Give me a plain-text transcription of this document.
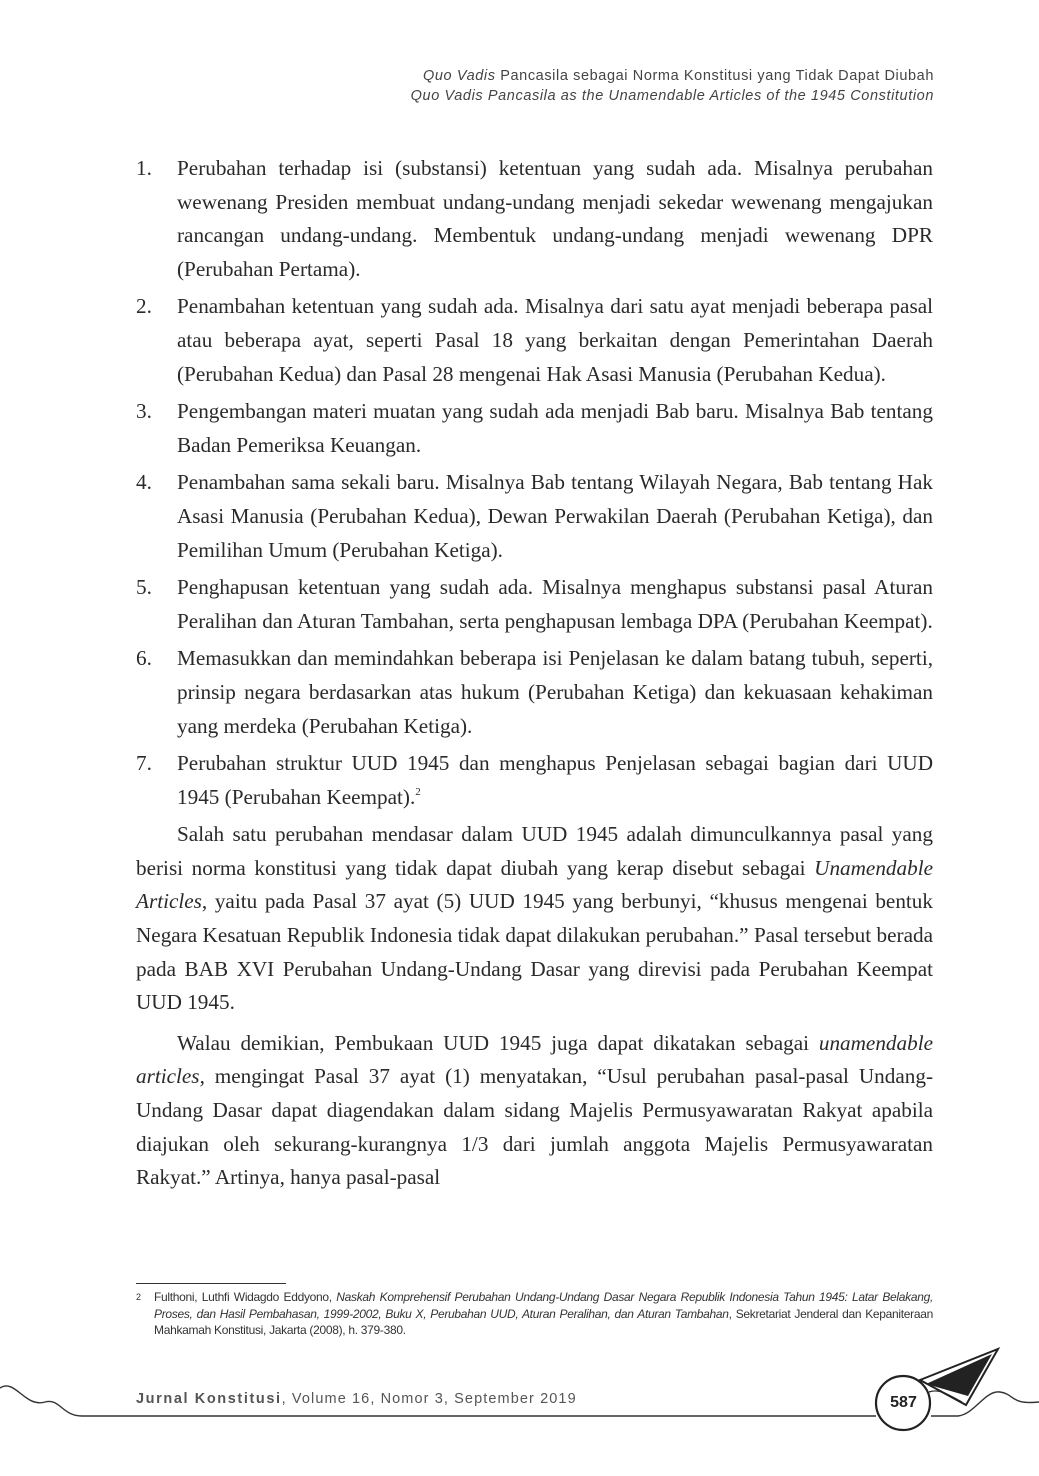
Quo Vadis Pancasila sebagai Norma Konstitusi yang Tidak Dapat Diubah
Quo Vadis Pancasila as the Unamendable Articles of the 1945 Constitution
1. Perubahan terhadap isi (substansi) ketentuan yang sudah ada. Misalnya perubahan wewenang Presiden membuat undang-undang menjadi sekedar wewenang mengajukan rancangan undang-undang. Membentuk undang-undang menjadi wewenang DPR (Perubahan Pertama).
2. Penambahan ketentuan yang sudah ada. Misalnya dari satu ayat menjadi beberapa pasal atau beberapa ayat, seperti Pasal 18 yang berkaitan dengan Pemerintahan Daerah (Perubahan Kedua) dan Pasal 28 mengenai Hak Asasi Manusia (Perubahan Kedua).
3. Pengembangan materi muatan yang sudah ada menjadi Bab baru. Misalnya Bab tentang Badan Pemeriksa Keuangan.
4. Penambahan sama sekali baru. Misalnya Bab tentang Wilayah Negara, Bab tentang Hak Asasi Manusia (Perubahan Kedua), Dewan Perwakilan Daerah (Perubahan Ketiga), dan Pemilihan Umum (Perubahan Ketiga).
5. Penghapusan ketentuan yang sudah ada. Misalnya menghapus substansi pasal Aturan Peralihan dan Aturan Tambahan, serta penghapusan lembaga DPA (Perubahan Keempat).
6. Memasukkan dan memindahkan beberapa isi Penjelasan ke dalam batang tubuh, seperti, prinsip negara berdasarkan atas hukum (Perubahan Ketiga) dan kekuasaan kehakiman yang merdeka (Perubahan Ketiga).
7. Perubahan struktur UUD 1945 dan menghapus Penjelasan sebagai bagian dari UUD 1945 (Perubahan Keempat).$^2$

Salah satu perubahan mendasar dalam UUD 1945 adalah dimunculkannya pasal yang berisi norma konstitusi yang tidak dapat diubah yang kerap disebut sebagai Unamendable Articles, yaitu pada Pasal 37 ayat (5) UUD 1945 yang berbunyi, “khusus mengenai bentuk Negara Kesatuan Republik Indonesia tidak dapat dilakukan perubahan.” Pasal tersebut berada pada BAB XVI Perubahan Undang-Undang Dasar yang direvisi pada Perubahan Keempat UUD 1945.

Walau demikian, Pembukaan UUD 1945 juga dapat dikatakan sebagai unamendable articles, mengingat Pasal 37 ayat (1) menyatakan, “Usul perubahan pasal-pasal Undang-Undang Dasar dapat diagendakan dalam sidang Majelis Permusyawaratan Rakyat apabila diajukan oleh sekurang-kurangnya 1/3 dari jumlah anggota Majelis Permusyawaratan Rakyat.” Artinya, hanya pasal-pasal

2	Fulthoni, Luthfi Widagdo Eddyono, Naskah Komprehensif Perubahan Undang-Undang Dasar Negara Republik Indonesia Tahun 1945: Latar Belakang, Proses, dan Hasil Pembahasan, 1999-2002, Buku X, Perubahan UUD, Aturan Peralihan, dan Aturan Tambahan, Sekretariat Jenderal dan Kepaniteraan Mahkamah Konstitusi, Jakarta (2008), h. 379-380.
Jurnal Konstitusi, Volume 16, Nomor 3, September 2019	587
